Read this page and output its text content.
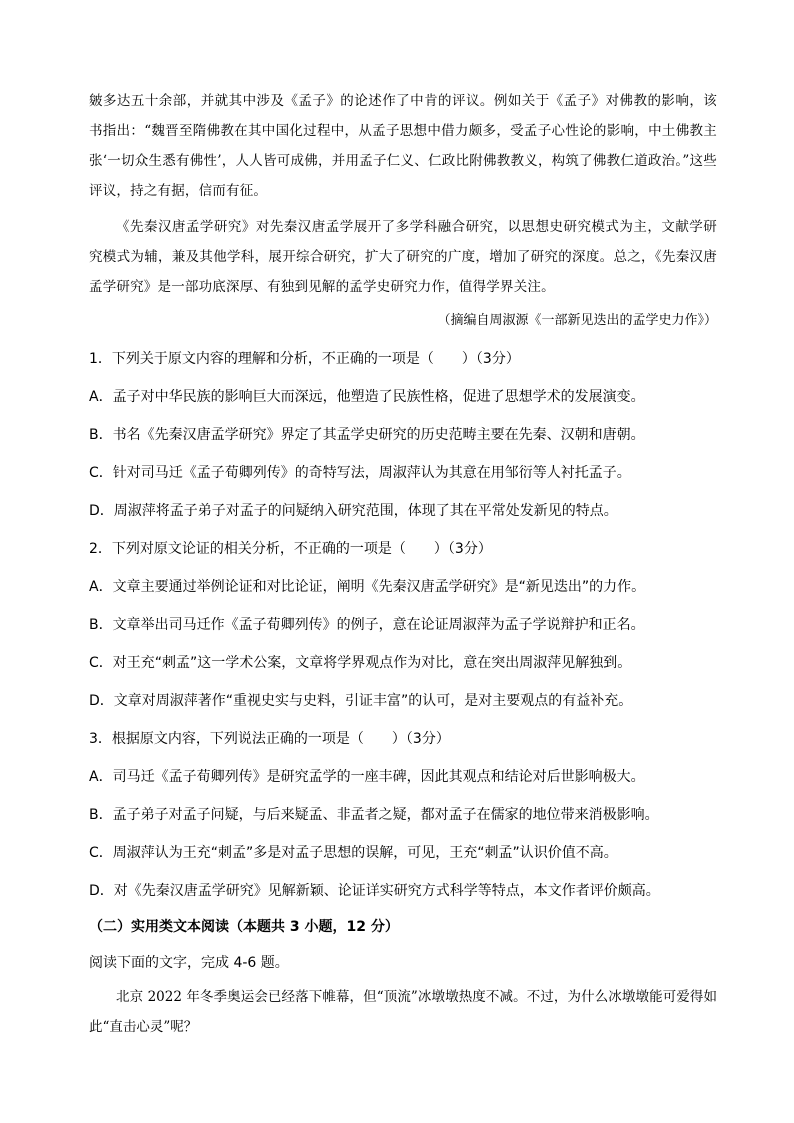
皴多达五十余部，并就其中涉及《孟子》的论述作了中肯的评议。例如关于《孟子》对佛教的影响，该书指出：“魏晋至隋佛教在其中国化过程中，从孟子思想中借力颇多，受孟子心性论的影响，中土佛教主张‘一切众生悉有佛性’，人人皆可成佛，并用孟子仁义、仁政比附佛教教义，构筑了佛教仁道政治。”这些评议，持之有据，信而有征。
《先秦汉唐孟学研究》对先秦汉唐孟学展开了多学科融合研究，以思想史研究模式为主，文献学研究模式为辅，兼及其他学科，展开综合研究，扩大了研究的广度，增加了研究的深度。总之，《先秦汉唐孟学研究》是一部功底深厚、有独到见解的孟学史研究力作，值得学界关注。
（摘编自周淑源《一部新见迭出的孟学史力作》）
1．下列关于原文内容的理解和分析，不正确的一项是（　　）（3分）
A．孟子对中华民族的影响巨大而深远，他塑造了民族性格，促进了思想学术的发展演变。
B．书名《先秦汉唐孟学研究》界定了其孟学史研究的历史范畴主要在先秦、汉朝和唐朝。
C．针对司马迁《孟子荀卿列传》的奇特写法，周淑萍认为其意在用邹衍等人衬托孟子。
D．周淑萍将孟子弟子对孟子的问疑纳入研究范围，体现了其在平常处发新见的特点。
2．下列对原文论证的相关分析，不正确的一项是（　　）（3分）
A．文章主要通过举例论证和对比论证，阐明《先秦汉唐孟学研究》是“新见迭出”的力作。
B．文章举出司马迁作《孟子荀卿列传》的例子，意在论证周淑萍为孟子学说辩护和正名。
C．对王充“刺孟”这一学术公案，文章将学界观点作为对比，意在突出周淑萍见解独到。
D．文章对周淑萍著作“重视史实与史料，引证丰富”的认可，是对主要观点的有益补充。
3．根据原文内容，下列说法正确的一项是（　　）（3分）
A．司马迁《孟子荀卿列传》是研究孟学的一座丰碑，因此其观点和结论对后世影响极大。
B．孟子弟子对孟子问疑，与后来疑孟、非孟者之疑，都对孟子在儒家的地位带来消极影响。
C．周淑萍认为王充“刺孟”多是对孟子思想的误解，可见，王充“刺孟”认识价值不高。
D．对《先秦汉唐孟学研究》见解新颖、论证详实研究方式科学等特点，本文作者评价颇高。
（二）实用类文本阅读（本题共 3 小题，12 分）
阅读下面的文字，完成 4-6 题。
北京 2022 年冬季奥运会已经落下帷幕，但“顶流”冰墩墩热度不减。不过，为什么冰墩墩能可爱得如此“直击心灵”呢？
